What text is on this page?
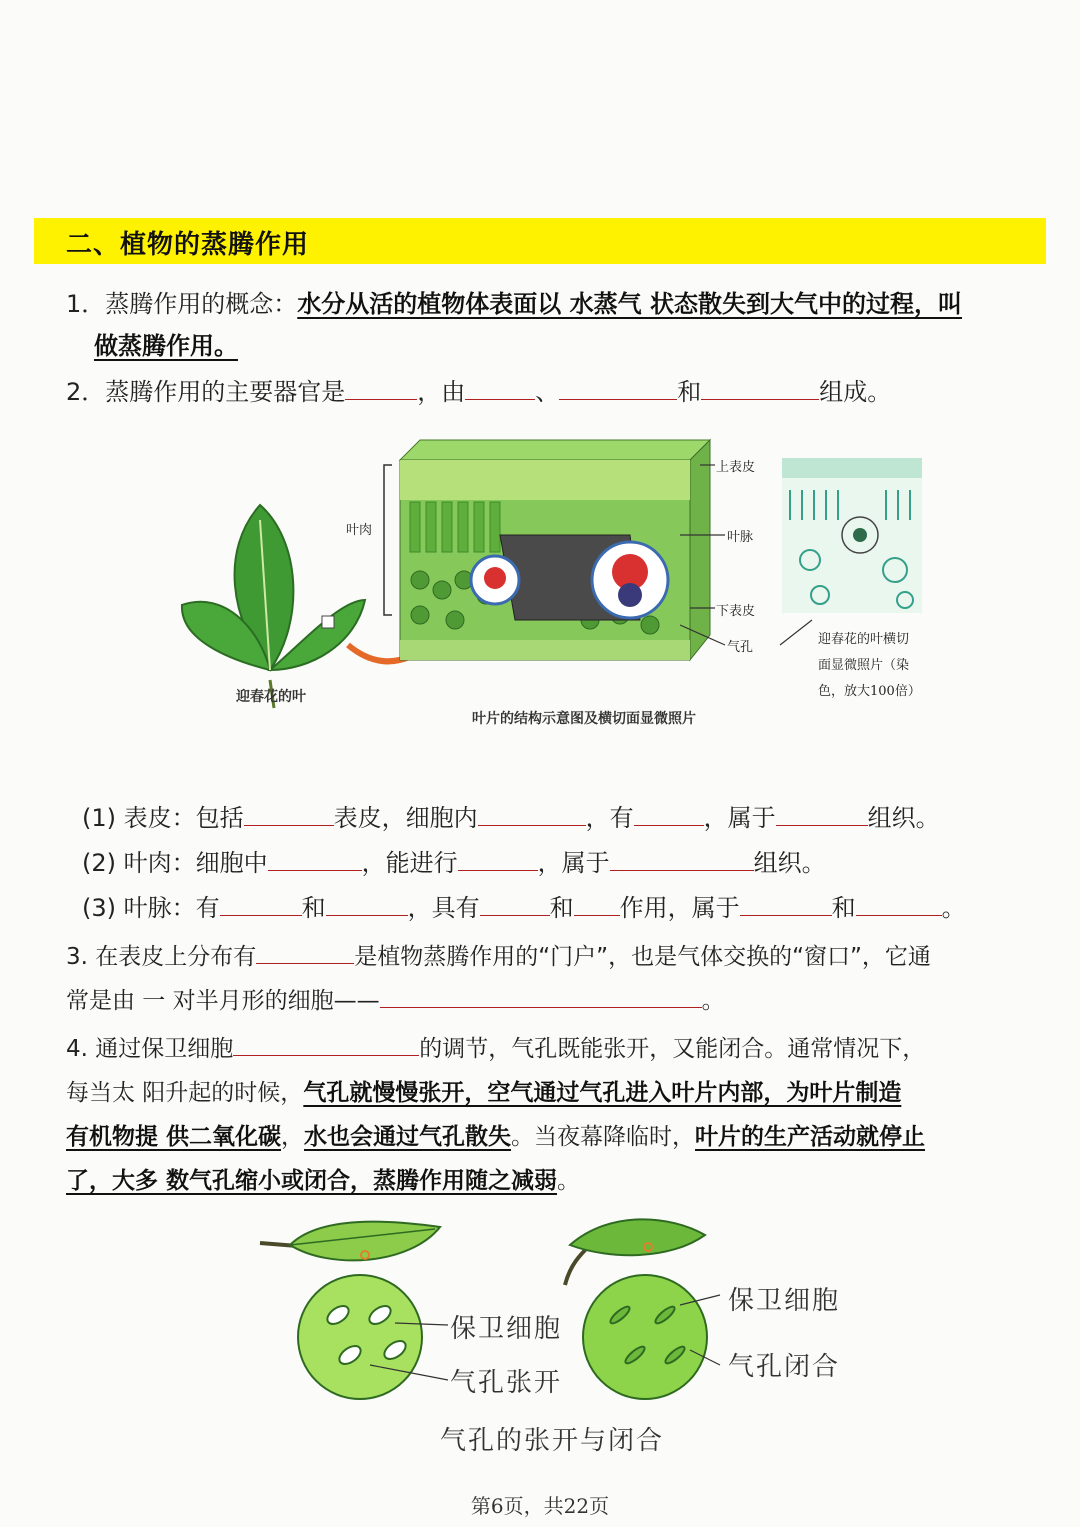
二、植物的蒸腾作用
1．蒸腾作用的概念：水分从活的植物体表面以 水蒸气 状态散失到大气中的过程，叫
做蒸腾作用。
2．蒸腾作用的主要器官是	，由	、	和	组成。
叶肉
上表皮
叶脉
下表皮
气孔
迎春花的叶横切
面显微照片（染
色，放大100倍）
迎春花的叶
叶片的结构示意图及横切面显微照片
(1) 表皮：包括	表皮，细胞内	，有	，属于	组织。
(2) 叶肉：细胞中	，能进行	，属于	组织。
(3) 叶脉：有	和	，具有	和 作用，属于	和	。
3. 在表皮上分布有	是植物蒸腾作用的“门户”，也是气体交换的“窗口”，它通
常是由 一 对半月形的细胞——	。
4. 通过保卫细胞	的调节，气孔既能张开，又能闭合。通常情况下，
每当太 阳升起的时候，气孔就慢慢张开，空气通过气孔进入叶片内部，为叶片制造
有机物提 供二氧化碳，水也会通过气孔散失。当夜幕降临时，叶片的生产活动就停止
了，大多 数气孔缩小或闭合，蒸腾作用随之减弱。
保卫细胞
气孔张开
保卫细胞
气孔闭合
气孔的张开与闭合
第6页，共22页
